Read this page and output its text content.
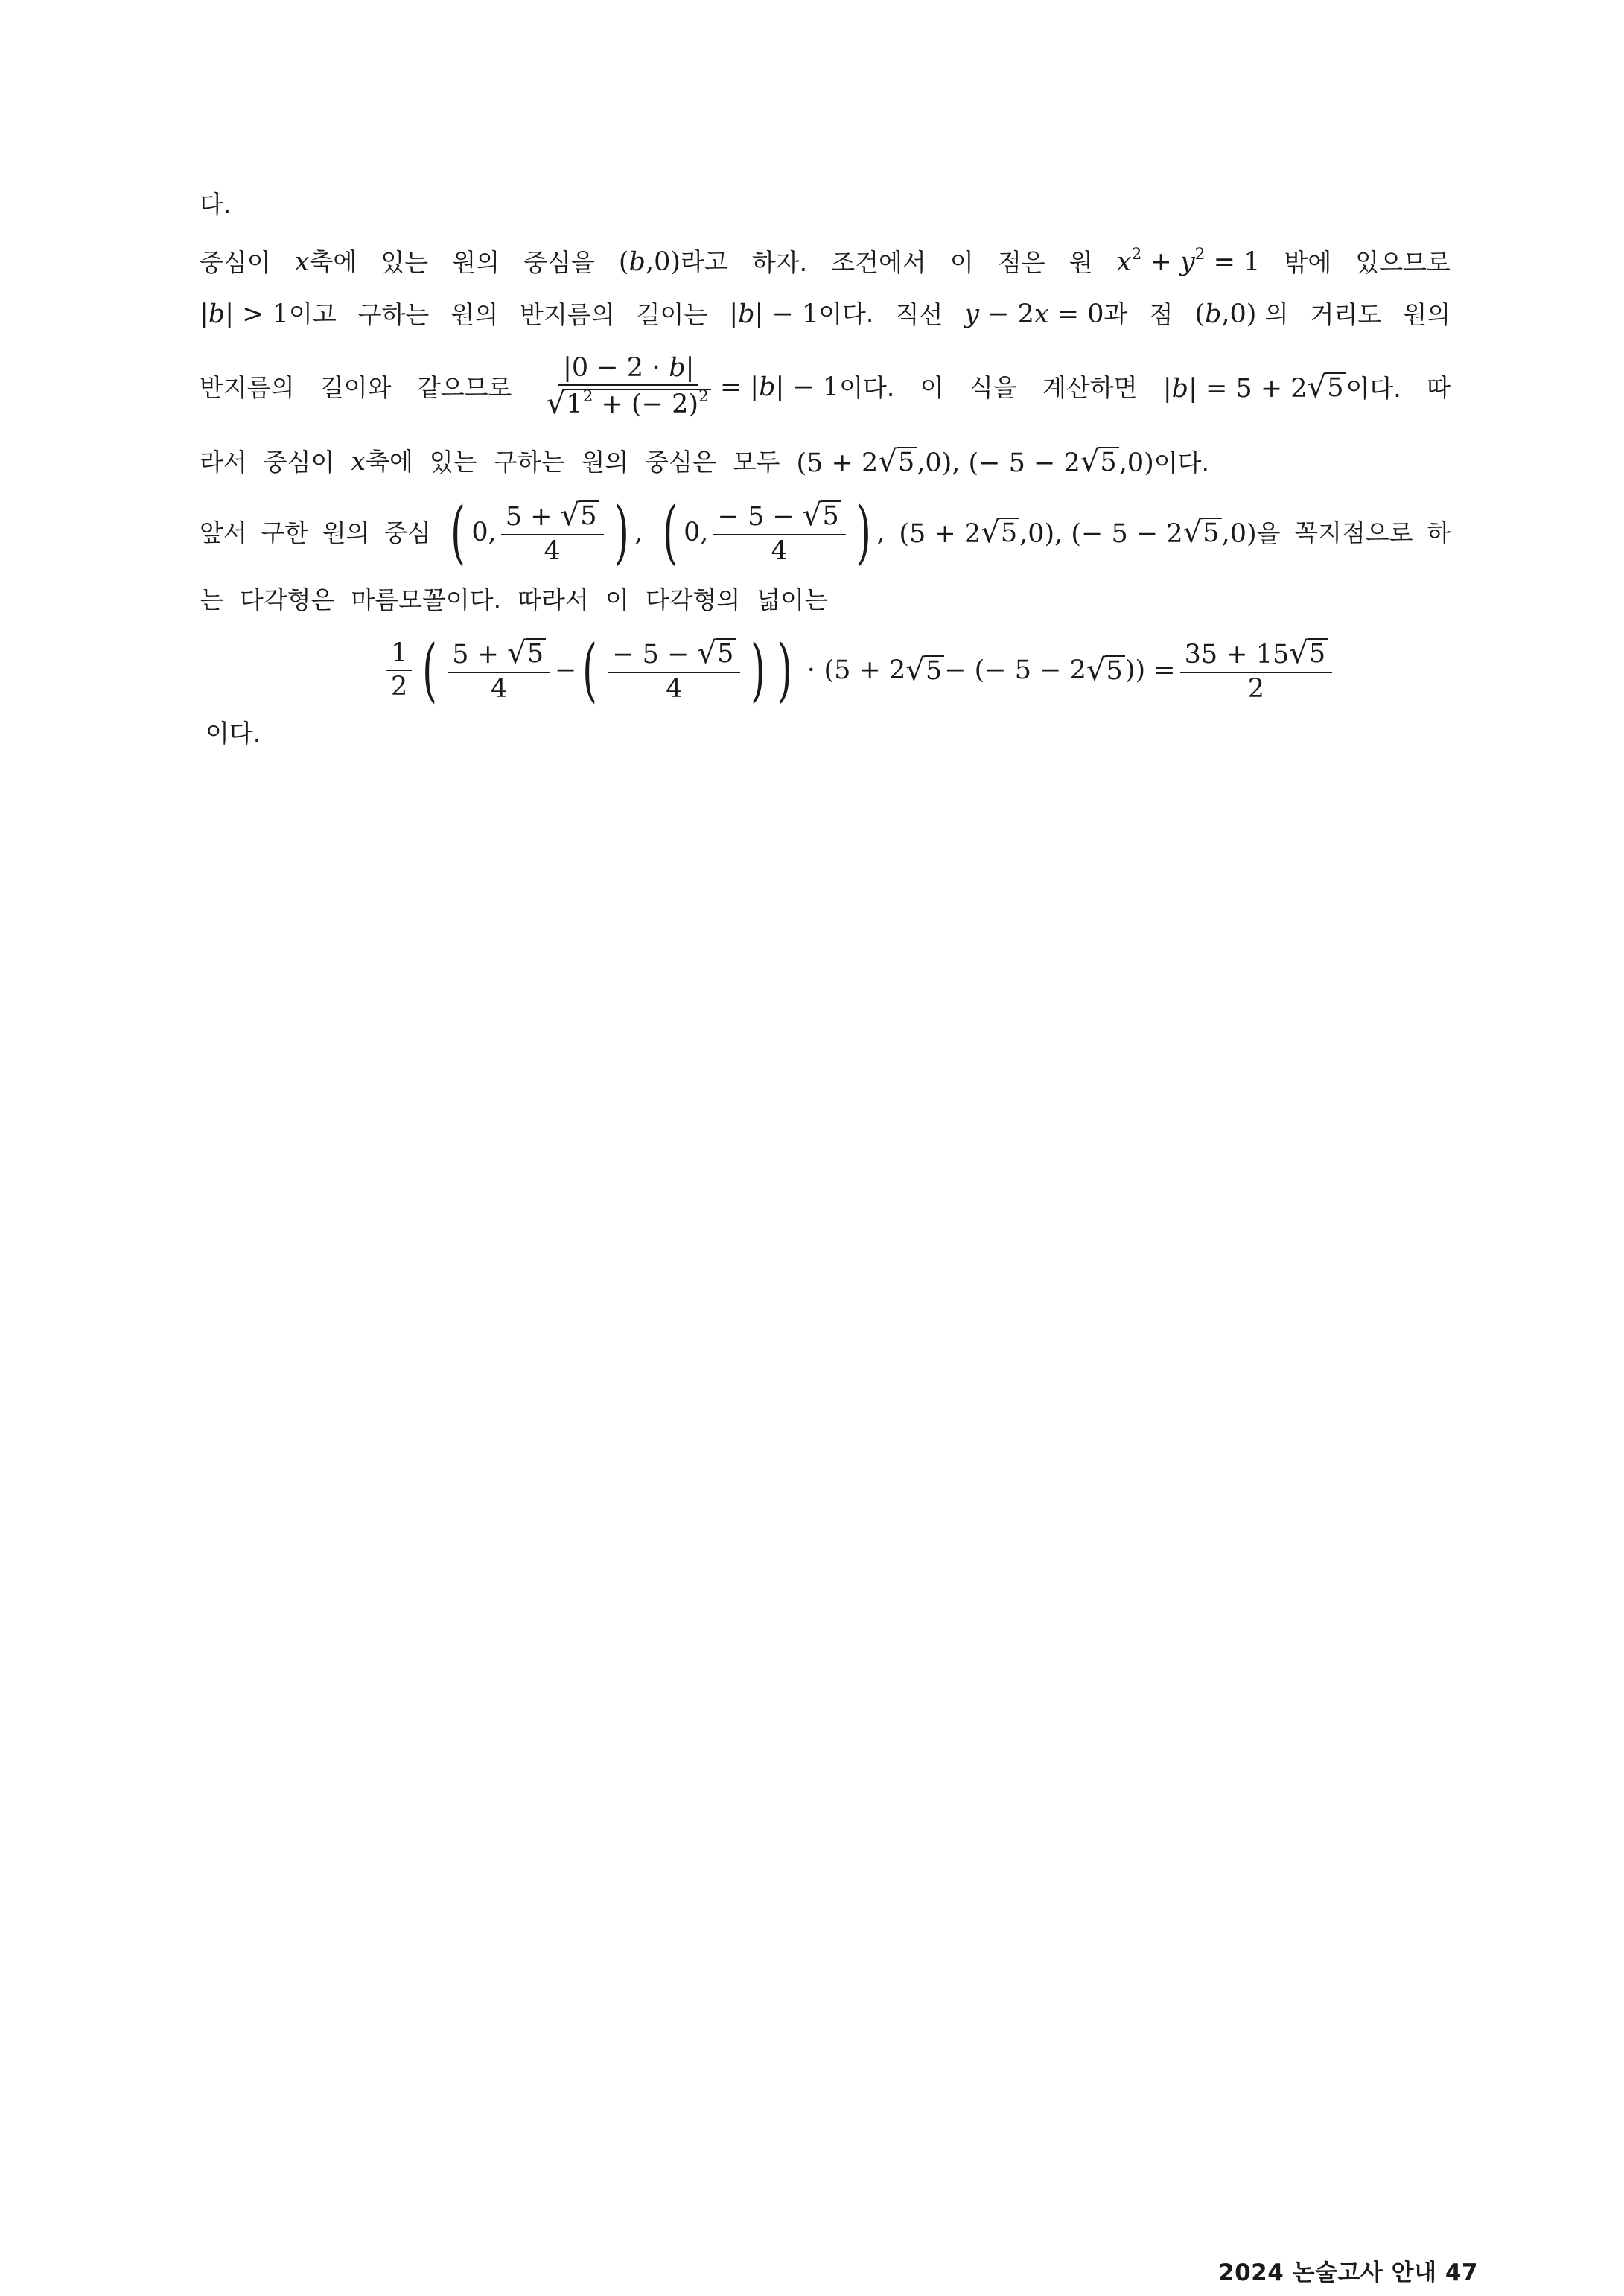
다.
중심이 x축에 있는 원의 중심을 (b,0)라고 하자. 조건에서 이 점은 원 $x^2 + y^2 = 1$ 밖에 있으므로
|b| > 1이고 구하는 원의 반지름의 길이는 |b| − 1이다. 직선 y − 2x = 0과 점 (b,0) 의 거리도 원의
반지름의 길이와 같으므로 $\frac{|0 - 2 \cdot b|}{√ 1^2 + (- 2)^2} = |b| - 1$ 이다. 이 식을 계산하면 |b| = 5 + 2 √ 5 이다. 따
라서 중심이 x축에 있는 구하는 원의 중심은 모두 (5 + 2 √ 5 ,0), (− 5 − 2 √ 5 ,0)이다.
앞서 구한 원의 중심 ( 0, $\frac{5 + √ 5}{4}$ ) , ( 0, $\frac{- 5 - √ 5}{4}$ ) , (5 + 2 √ 5 ,0), (− 5 − 2 √ 5 ,0)을 꼭지점으로 하
는 다각형은 마름모꼴이다. 따라서 이 다각형의 넓이는
$\frac{1}{2}$ ( $\frac{5 + √ 5}{4}$ − ( $\frac{- 5 - √ 5}{4}$ ) ) ⋅ (5 + 2 √ 5 − (− 5 − 2 √ 5 )) = $\frac{35 + 15 √ 5}{2}$
이다.
2024 논술고사 안내 47
